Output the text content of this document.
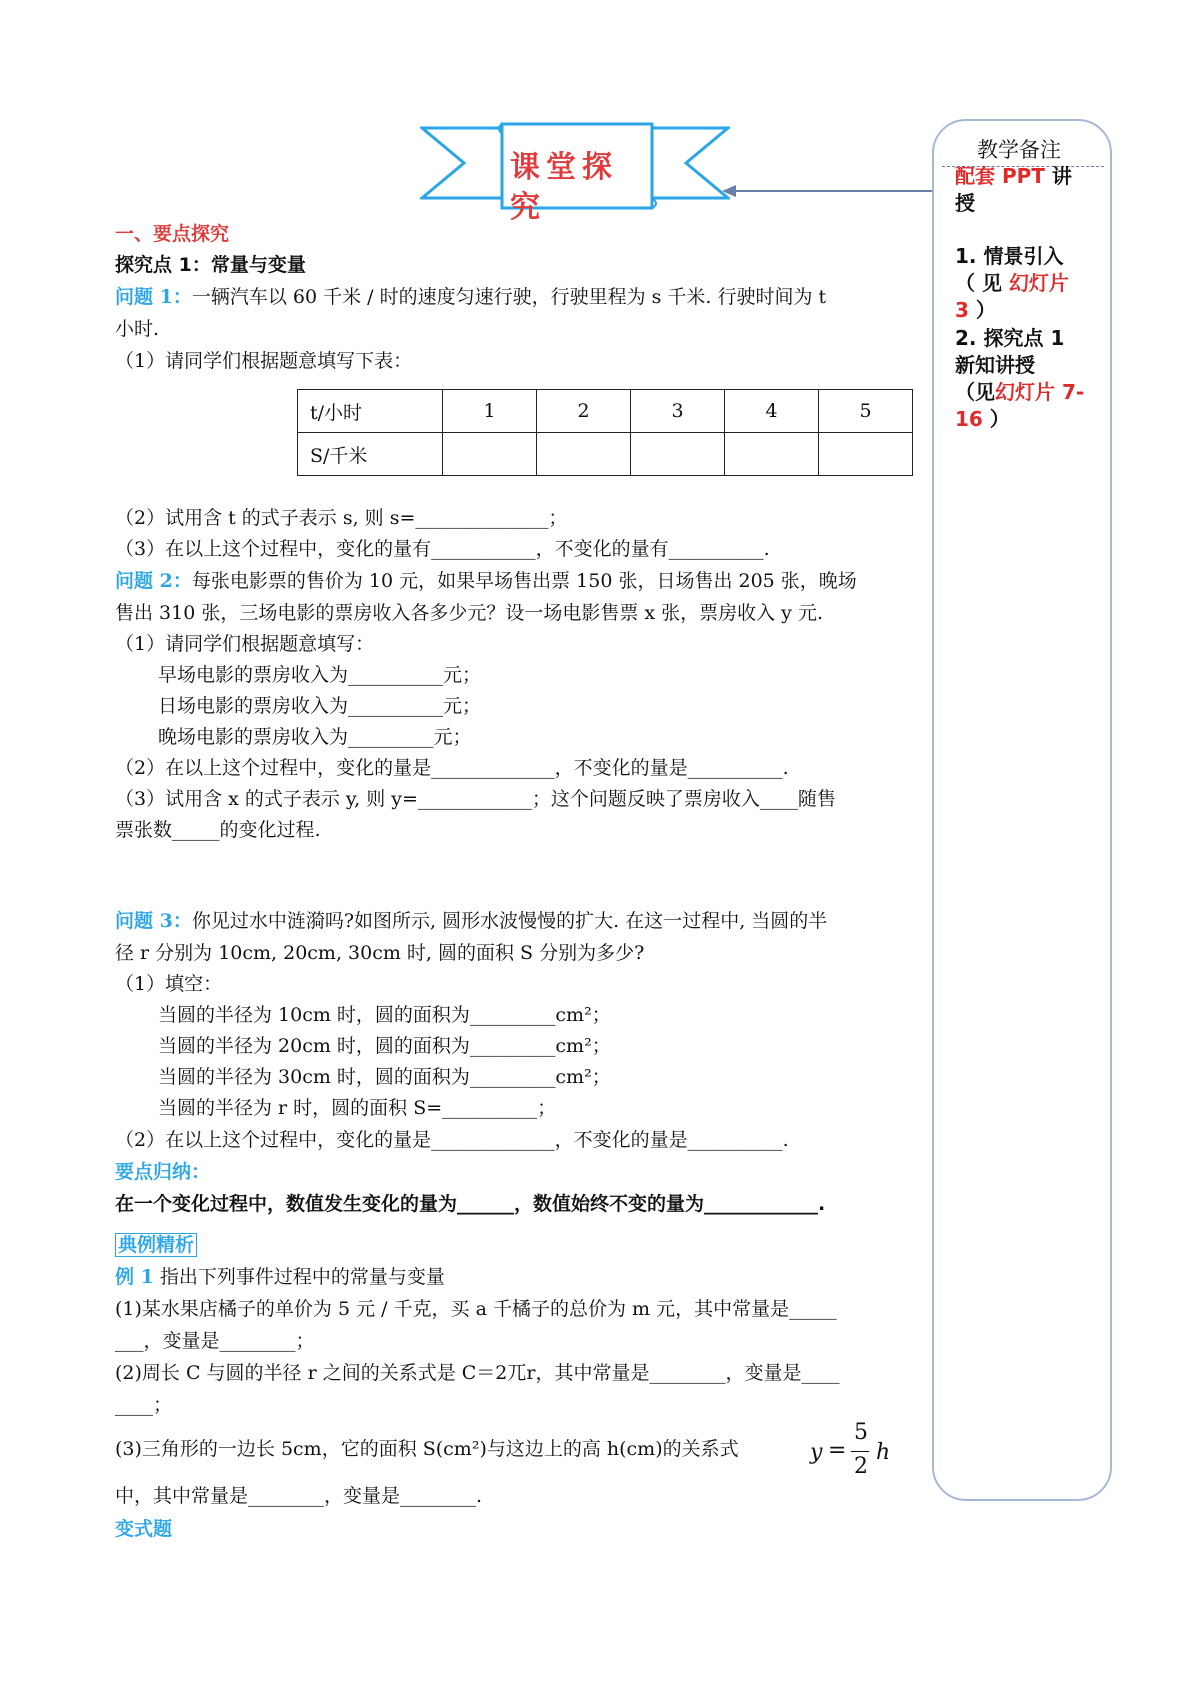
课堂探究
一、要点探究
探究点 1：常量与变量
问题 1：一辆汽车以 60 千米 / 时的速度匀速行驶，行驶里程为 s 千米. 行驶时间为 t
小时.
（1）请同学们根据题意填写下表：
t/小时	1	2	3	4	5
S/千米					
（2）试用含 t 的式子表示 s, 则 s=______________；
（3）在以上这个过程中，变化的量有___________，不变化的量有__________.
问题 2：每张电影票的售价为 10 元，如果早场售出票 150 张，日场售出 205 张，晚场
售出 310 张，三场电影的票房收入各多少元？设一场电影售票 x 张，票房收入 y 元.
（1）请同学们根据题意填写：
早场电影的票房收入为__________元；
日场电影的票房收入为__________元；
晚场电影的票房收入为_________元；
（2）在以上这个过程中，变化的量是_____________，不变化的量是__________.
（3）试用含 x 的式子表示 y, 则 y=____________；这个问题反映了票房收入____随售
票张数_____的变化过程.
问题 3：你见过水中涟漪吗?如图所示, 圆形水波慢慢的扩大. 在这一过程中, 当圆的半
径 r 分别为 10cm, 20cm, 30cm 时, 圆的面积 S 分别为多少?
（1）填空：
当圆的半径为 10cm 时，圆的面积为_________cm²；
当圆的半径为 20cm 时，圆的面积为_________cm²；
当圆的半径为 30cm 时，圆的面积为_________cm²；
当圆的半径为 r 时，圆的面积 S=__________；
（2）在以上这个过程中，变化的量是_____________，不变化的量是__________.
要点归纳：
在一个变化过程中，数值发生变化的量为______，数值始终不变的量为____________.
典例精析
例 1 指出下列事件过程中的常量与变量
(1)某水果店橘子的单价为 5 元 / 千克，买 a 千橘子的总价为 m 元，其中常量是_____
___，变量是________；
(2)周长 C 与圆的半径 r 之间的关系式是 C＝2兀r，其中常量是________，变量是____
____；
(3)三角形的一边长 5cm，它的面积 S(cm²)与这边上的高 h(cm)的关系式	y =
5
2
h
中，其中常量是________，变量是________.
变式题
教学备注
配套 PPT 讲
授
1. 情景引入
（ 见 幻灯片
3 ）
2. 探究点 1
新知讲授
（见幻灯片 7-
16 ）
